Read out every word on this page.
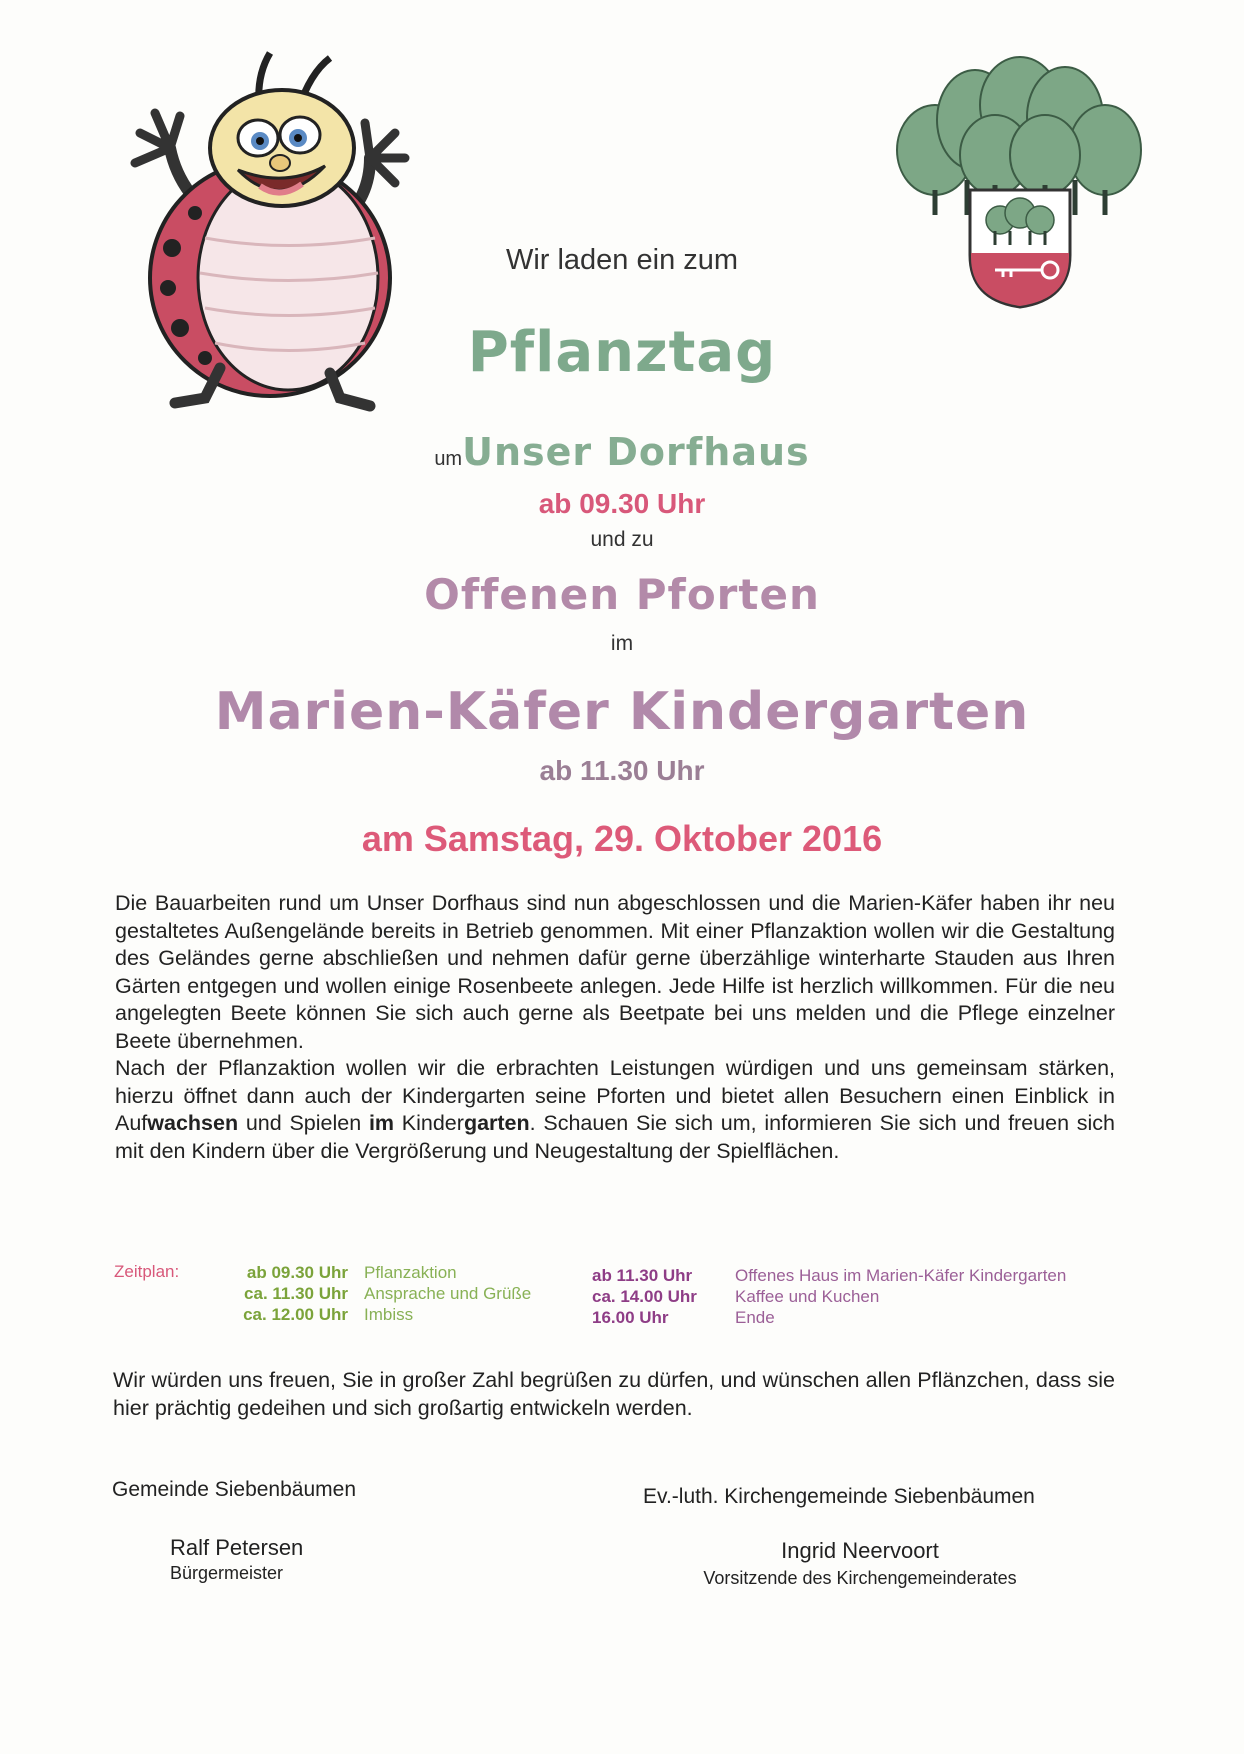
Wir laden ein zum
Pflanztag
umUnser Dorfhaus
ab 09.30 Uhr
und zu
Offenen Pforten
im
Marien-Käfer Kindergarten
ab 11.30 Uhr
am Samstag, 29. Oktober 2016

Die Bauarbeiten rund um Unser Dorfhaus sind nun abgeschlossen und die Marien-Käfer haben ihr neu gestaltetes Außengelände bereits in Betrieb genommen. Mit einer Pflanzaktion wollen wir die Gestaltung des Geländes gerne abschließen und nehmen dafür gerne überzählige winterharte Stauden aus Ihren Gärten entgegen und wollen einige Rosenbeete anlegen. Jede Hilfe ist herzlich willkommen. Für die neu angelegten Beete können Sie sich auch gerne als Beetpate bei uns melden und die Pflege einzelner Beete übernehmen.

Nach der Pflanzaktion wollen wir die erbrachten Leistungen würdigen und uns gemeinsam stärken, hierzu öffnet dann auch der Kindergarten seine Pforten und bietet allen Besuchern einen Einblick in Aufwachsen und Spielen im Kindergarten. Schauen Sie sich um, informieren Sie sich und freuen sich mit den Kindern über die Vergrößerung und Neugestaltung der Spielflächen.

Zeitplan:	ab 09.30 Uhr
ca. 11.30 Uhr
ca. 12.00 Uhr
Pflanzaktion
Ansprache und Grüße
Imbiss
ab 11.30 Uhr
ca. 14.00 Uhr
16.00 Uhr
Offenes Haus im Marien-Käfer Kindergarten
Kaffee und Kuchen
Ende
Wir würden uns freuen, Sie in großer Zahl begrüßen zu dürfen, und wünschen allen Pflänzchen, dass sie hier prächtig gedeihen und sich großartig entwickeln werden.
Gemeinde Siebenbäumen
Ralf Petersen
Bürgermeister
Ev.-luth. Kirchengemeinde Siebenbäumen
Ingrid Neervoort
Vorsitzende des Kirchengemeinderates
